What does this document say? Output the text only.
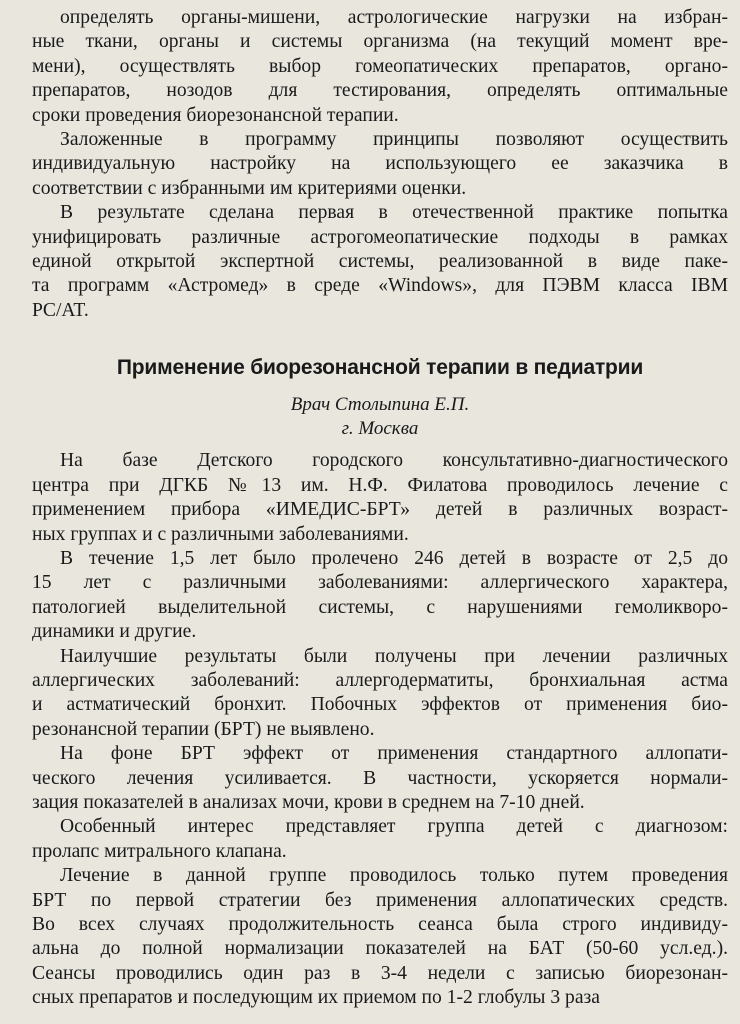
определять органы-мишени, астрологические нагрузки на избран-
ные ткани, органы и системы организма (на текущий момент вре-
мени), осуществлять выбор гомеопатических препаратов, органо-
препаратов, нозодов для тестирования, определять оптимальные
сроки проведения биорезонансной терапии.
Заложенные в программу принципы позволяют осуществить
индивидуальную настройку на использующего ее заказчика в
соответствии с избранными им критериями оценки.
В результате сделана первая в отечественной практике попытка
унифицировать различные астрогомеопатические подходы в рамках
единой открытой экспертной системы, реализованной в виде паке-
та программ «Астромед» в среде «Windows», для ПЭВМ класса IBM
PC/AT.
Применение биорезонансной терапии в педиатрии
Врач Столыпина Е.П.
г. Москва
На базе Детского городского консультативно-диагностического
центра при ДГКБ №13 им. Н.Ф. Филатова проводилось лечение с
применением прибора «ИМЕДИС-БРТ» детей в различных возраст-
ных группах и с различными заболеваниями.
В течение 1,5 лет было пролечено 246 детей в возрасте от 2,5 до
15 лет с различными заболеваниями: аллергического характера,
патологией выделительной системы, с нарушениями гемоликворо-
динамики и другие.
Наилучшие результаты были получены при лечении различных
аллергических заболеваний: аллергодерматиты, бронхиальная астма
и астматический бронхит. Побочных эффектов от применения био-
резонансной терапии (БРТ) не выявлено.
На фоне БРТ эффект от применения стандартного аллопати-
ческого лечения усиливается. В частности, ускоряется нормали-
зация показателей в анализах мочи, крови в среднем на 7-10 дней.
Особенный интерес представляет группа детей с диагнозом:
пролапс митрального клапана.
Лечение в данной группе проводилось только путем проведения
БРТ по первой стратегии без применения аллопатических средств.
Во всех случаях продолжительность сеанса была строго индивиду-
альна до полной нормализации показателей на БАТ (50-60 усл.ед.).
Сеансы проводились один раз в 3-4 недели с записью биорезонан-
сных препаратов и последующим их приемом по 1-2 глобулы 3 раза
